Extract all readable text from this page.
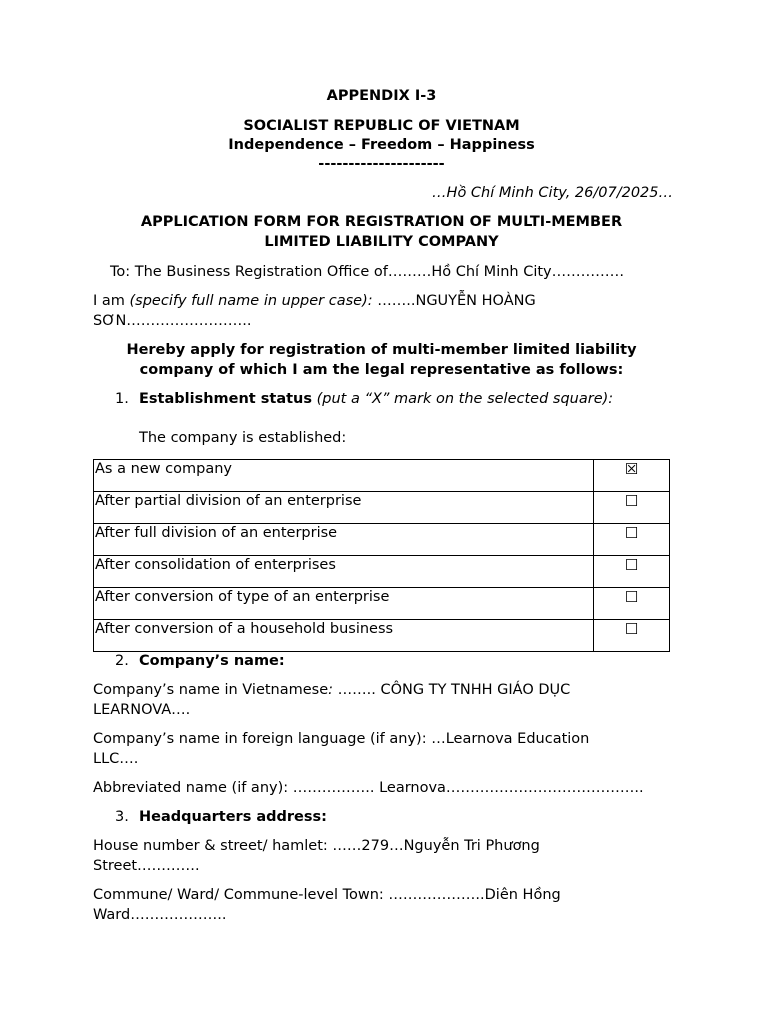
APPENDIX I-3

SOCIALIST REPUBLIC OF VIETNAM

Independence – Freedom – Happiness

---------------------

…Hồ Chí Minh City, 26/07/2025…

APPLICATION FORM FOR REGISTRATION OF MULTI-MEMBER

LIMITED LIABILITY COMPANY

To: The Business Registration Office of………Hồ Chí Minh City……………

I am (specify full name in upper case): ……..NGUYỄN HOÀNG

SƠN……………………..

Hereby apply for registration of multi-member limited liability

company of which I am the legal representative as follows:

1. Establishment status (put a “X” mark on the selected square):

The company is established:

As a new company	☒
After partial division of an enterprise	☐
After full division of an enterprise	☐
After consolidation of enterprises	☐
After conversion of type of an enterprise	☐
After conversion of a household business	☐

2. Company’s name:

Company’s name in Vietnamese: …….. CÔNG TY TNHH GIÁO DỤC

LEARNOVA….

Company’s name in foreign language (if any): …Learnova Education

LLC….

Abbreviated name (if any): …………….. Learnova…………………………………..

3. Headquarters address:

House number & street/ hamlet: ……279…Nguyễn Tri Phương

Street………….

Commune/ Ward/ Commune-level Town: ………………..Diên Hồng

Ward………………..
